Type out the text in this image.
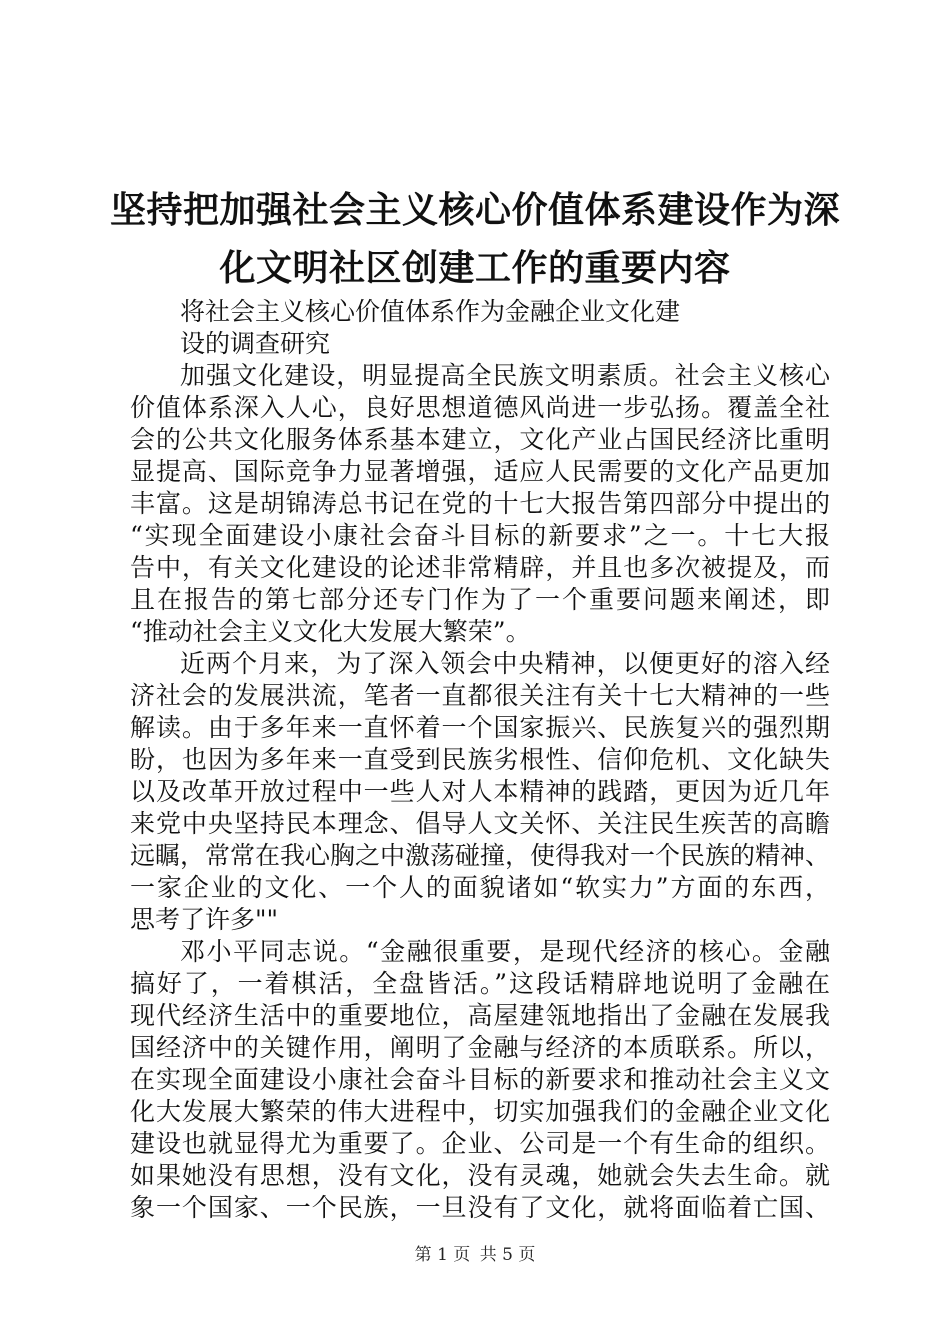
坚持把加强社会主义核心价值体系建设作为深
化文明社区创建工作的重要内容
将社会主义核心价值体系作为金融企业文化建
设的调查研究
加强文化建设，明显提高全民族文明素质。社会主义核心
价值体系深入人心，良好思想道德风尚进一步弘扬。覆盖全社
会的公共文化服务体系基本建立，文化产业占国民经济比重明
显提高、国际竞争力显著增强，适应人民需要的文化产品更加
丰富。这是胡锦涛总书记在党的十七大报告第四部分中提出的
“实现全面建设小康社会奋斗目标的新要求”之一。十七大报
告中，有关文化建设的论述非常精辟，并且也多次被提及，而
且在报告的第七部分还专门作为了一个重要问题来阐述，即
“推动社会主义文化大发展大繁荣”。
近两个月来，为了深入领会中央精神，以便更好的溶入经
济社会的发展洪流，笔者一直都很关注有关十七大精神的一些
解读。由于多年来一直怀着一个国家振兴、民族复兴的强烈期
盼，也因为多年来一直受到民族劣根性、信仰危机、文化缺失
以及改革开放过程中一些人对人本精神的践踏，更因为近几年
来党中央坚持民本理念、倡导人文关怀、关注民生疾苦的高瞻
远瞩，常常在我心胸之中激荡碰撞，使得我对一个民族的精神、
一家企业的文化、一个人的面貌诸如“软实力”方面的东西，
思考了许多""
邓小平同志说。“金融很重要，是现代经济的核心。金融
搞好了，一着棋活，全盘皆活。”这段话精辟地说明了金融在
现代经济生活中的重要地位，高屋建瓴地指出了金融在发展我
国经济中的关键作用，阐明了金融与经济的本质联系。所以，
在实现全面建设小康社会奋斗目标的新要求和推动社会主义文
化大发展大繁荣的伟大进程中，切实加强我们的金融企业文化
建设也就显得尤为重要了。企业、公司是一个有生命的组织。
如果她没有思想，没有文化，没有灵魂，她就会失去生命。就
象一个国家、一个民族，一旦没有了文化，就将面临着亡国、
第 1 页 共 5 页
